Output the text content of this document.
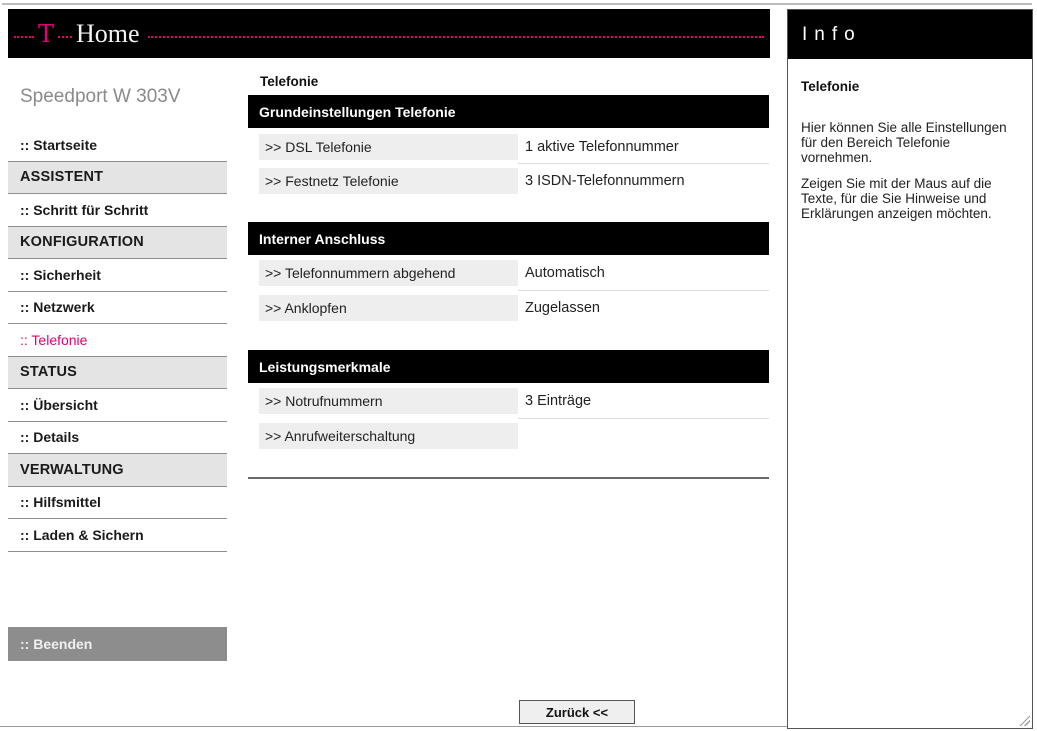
T Home
Speedport W 303V
:: Startseite
ASSISTENT
:: Schritt für Schritt
KONFIGURATION
:: Sicherheit
:: Netzwerk
:: Telefonie
STATUS
:: Übersicht
:: Details
VERWALTUNG
:: Hilfsmittel
:: Laden & Sichern
:: Beenden
Telefonie
Grundeinstellungen Telefonie
>> DSL Telefonie	1 aktive Telefonnummer
>> Festnetz Telefonie	3 ISDN-Telefonnummern
Interner Anschluss
>> Telefonnummern abgehend	Automatisch
>> Anklopfen	Zugelassen
Leistungsmerkmale
>> Notrufnummern	3 Einträge
>> Anrufweiterschaltung
Zurück <<
Info
Telefonie

Hier können Sie alle Einstellungen für den Bereich Telefonie vornehmen.

Zeigen Sie mit der Maus auf die Texte, für die Sie Hinweise und Erklärungen anzeigen möchten.
